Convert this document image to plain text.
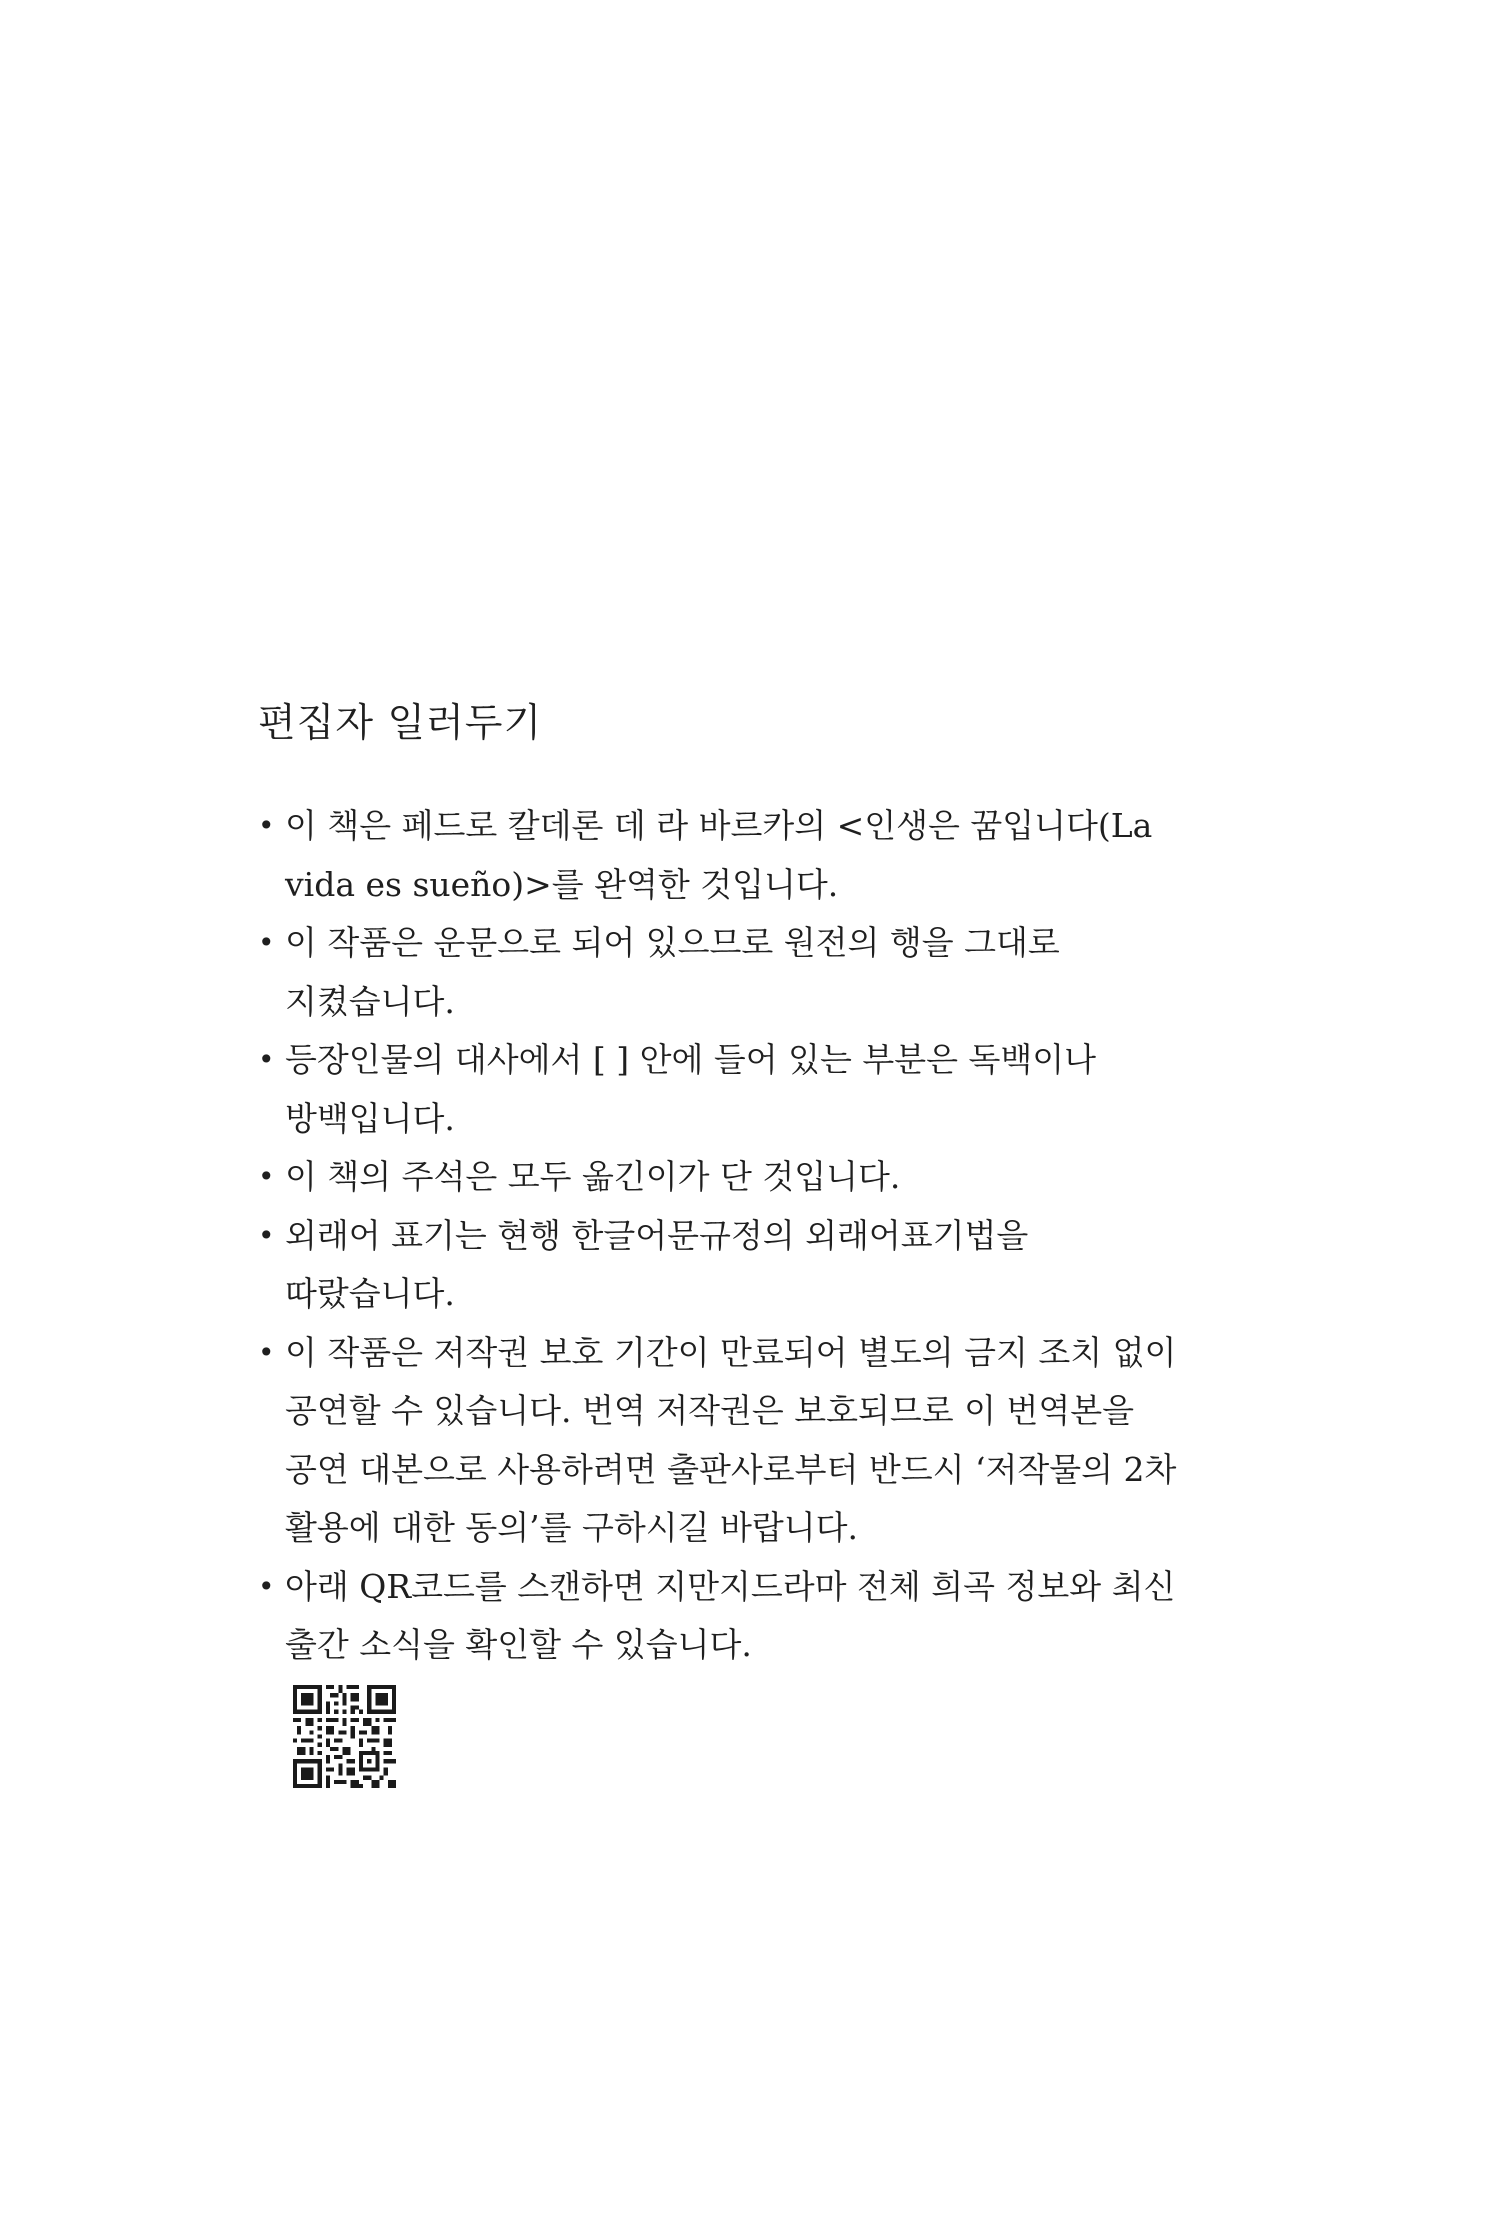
편집자 일러두기
• 이 책은 페드로 칼데론 데 라 바르카의 <인생은 꿈입니다(La
vida es sueño)>를 완역한 것입니다.
• 이 작품은 운문으로 되어 있으므로 원전의 행을 그대로
지켰습니다.
• 등장인물의 대사에서 [ ] 안에 들어 있는 부분은 독백이나
방백입니다.
• 이 책의 주석은 모두 옮긴이가 단 것입니다.
• 외래어 표기는 현행 한글어문규정의 외래어표기법을
따랐습니다.
• 이 작품은 저작권 보호 기간이 만료되어 별도의 금지 조치 없이
공연할 수 있습니다. 번역 저작권은 보호되므로 이 번역본을
공연 대본으로 사용하려면 출판사로부터 반드시 ‘저작물의 2차
활용에 대한 동의’를 구하시길 바랍니다.
• 아래 QR코드를 스캔하면 지만지드라마 전체 희곡 정보와 최신
출간 소식을 확인할 수 있습니다.
